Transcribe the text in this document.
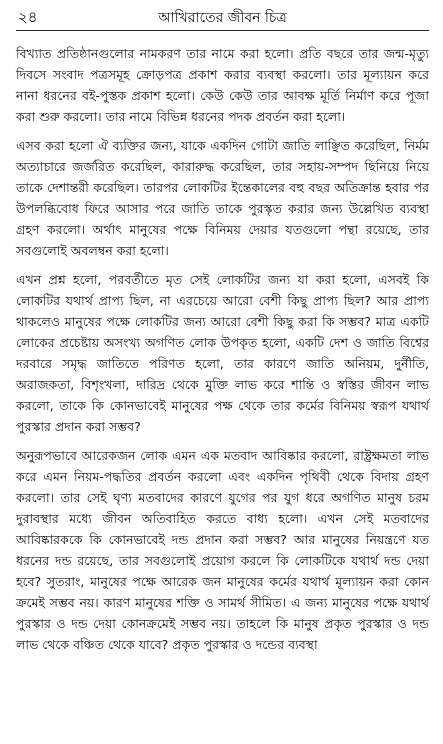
২৪	আখিরাতের জীবন চিত্র

বিখ্যাত প্রতিষ্ঠানগুলোর নামকরণ তার নামে করা হলো। প্রতি বছরে তার জন্ম-মৃত্যু দিবসে সংবাদ পত্রসমূহ ক্রোড়পত্র প্রকাশ করার ব্যবস্থা করলো। তার মূল্যায়ন করে নানা ধরনের বই-পুস্তক প্রকাশ হলো। কেউ কেউ তার আবক্ষ মূর্তি নির্মাণ করে পূজা করা শুরু করলো। তার নামে বিভিন্ন ধরনের পদক প্রবর্তন করা হলো।

এসব করা হলো ঐ ব্যক্তির জন্য, যাকে একদিন গোটা জাতি লাঞ্ছিত করেছিল, নির্মম অত্যাচারে জর্জরিত করেছিল, কারারুদ্ধ করেছিল, তার সহায়-সম্পদ ছিনিয়ে নিয়ে তাকে দেশান্তরী করেছিল। তারপর লোকটির ইন্তেকালের বহু বছর অতিক্রান্ত হবার পর উপলব্ধিবোধ ফিরে আসার পরে জাতি তাকে পুরস্কৃত করার জন্য উল্লেখিত ব্যবস্থা গ্রহণ করলো। অর্থাৎ মানুষের পক্ষে বিনিময় দেয়ার যতগুলো পন্থা রয়েছে, তার সবগুলোই অবলম্বন করা হলো।

এখন প্রশ্ন হলো, পরবর্তীতে মৃত সেই লোকটির জন্য যা করা হলো, এসবই কি লোকটির যথার্থ প্রাপ্য ছিল, না এরচেয়ে আরো বেশী কিছু প্রাপ্য ছিল? আর প্রাপ্য থাকলেও মানুষের পক্ষে লোকটির জন্য আরো বেশী কিছু করা কি সম্ভব? মাত্র একটি লোকের প্রচেষ্টায় অসংখ্য অগণিত লোক উপকৃত হলো, একটি দেশ ও জাতি বিশ্বের দরবারে সমৃদ্ধ জাতিতে পরিণত হলো, তার কারণে জাতি অনিয়ম, দুর্নীতি, অরাজকতা, বিশৃংখলা, দারিদ্র থেকে মুক্তি লাভ করে শান্তি ও স্বস্তির জীবন লাভ করলো, তাকে কি কোনভাবেই মানুষের পক্ষ থেকে তার কর্মের বিনিময় স্বরূপ যথার্থ পুরস্কার প্রদান করা সম্ভব?

অনুরূপভাবে আরেকজন লোক এমন এক মতবাদ আবিষ্কার করলো, রাষ্ট্রক্ষমতা লাভ করে এমন নিয়ম-পদ্ধতির প্রবর্তন করলো এবং একদিন পৃথিবী থেকে বিদায় গ্রহণ করলো। তার সেই ঘৃণ্য মতবাদের কারণে যুগের পর যুগ ধরে অগণিত মানুষ চরম দুরাবস্থার মধ্যে জীবন অতিবাহিত করতে বাধ্য হলো। এখন সেই মতবাদের আবিষ্কারককে কি কোনভাবেই দন্ড প্রদান করা সম্ভব? আর মানুষের নিয়ন্ত্রণে যত ধরনের দন্ড রয়েছে, তার সবগুলোই প্রয়োগ করলে কি লোকটিকে যথার্থ দন্ড দেয়া হবে? সুতরাং, মানুষের পক্ষে আরেক জন মানুষের কর্মের যথার্থ মূল্যায়ন করা কোন ক্রমেই সম্ভব নয়। কারণ মানুষের শক্তি ও সামর্থ সীমিত। এ জন্য মানুষের পক্ষে যথার্থ পুরস্কার ও দন্ড দেয়া কোনক্রমেই সম্ভব নয়। তাহলে কি মানুষ প্রকৃত পুরস্কার ও দন্ড লাভ থেকে বঞ্চিত থেকে যাবে? প্রকৃত পুরস্কার ও দন্ডের ব্যবস্থা
